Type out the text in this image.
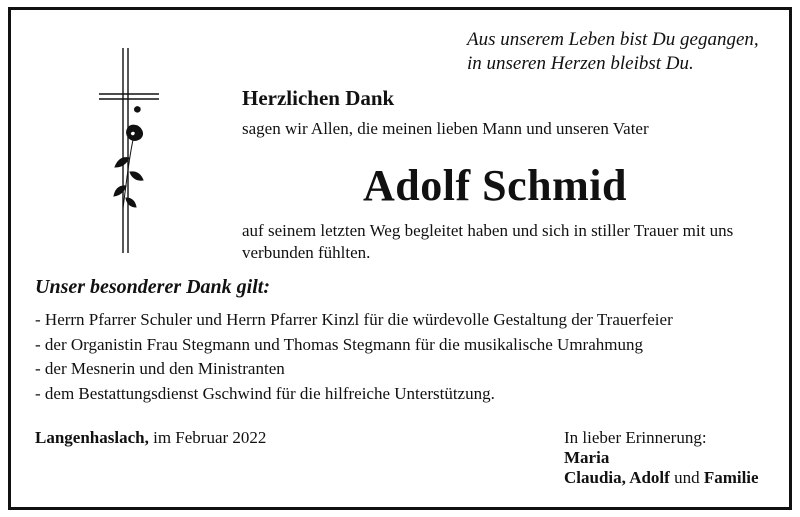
Aus unserem Leben bist Du gegangen,
in unseren Herzen bleibst Du.
Herzlichen Dank
sagen wir Allen, die meinen lieben Mann und unseren Vater
Adolf Schmid
auf seinem letzten Weg begleitet haben und sich in stiller Trauer mit uns verbunden fühlten.
Unser besonderer Dank gilt:
- Herrn Pfarrer Schuler und Herrn Pfarrer Kinzl für die würdevolle Gestaltung der Trauerfeier
- der Organistin Frau Stegmann und Thomas Stegmann für die musikalische Umrahmung
- der Mesnerin und den Ministranten
- dem Bestattungsdienst Gschwind für die hilfreiche Unterstützung.
Langenhaslach, im Februar 2022	In lieber Erinnerung:
Maria
Claudia, Adolf und Familie
